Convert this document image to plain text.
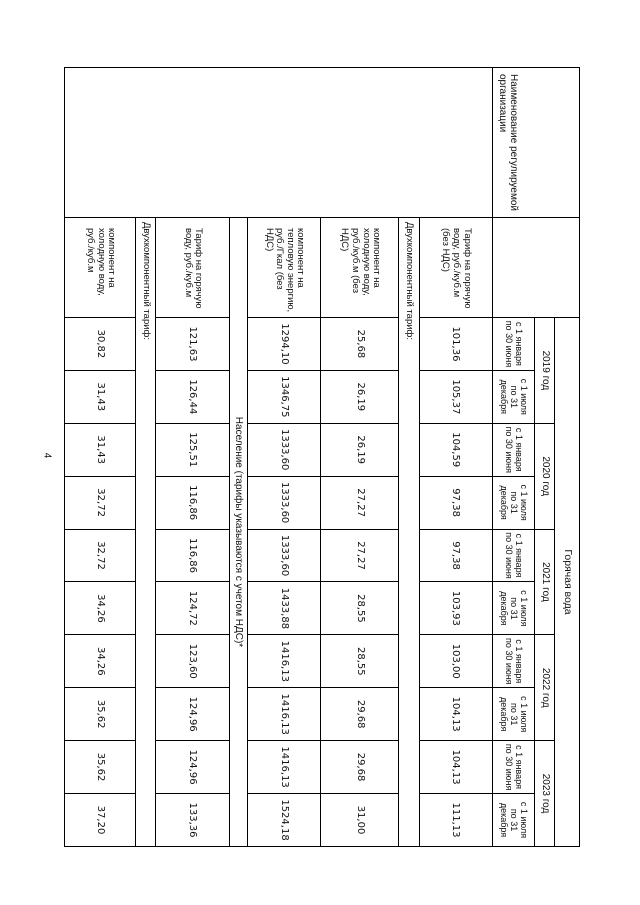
4
Наименование регулируемой организации		Горячая вода									
		2019 год		2020 год		2021 год		2022 год		2023 год	
		с 1 января по 30 июня	с 1 июля по 31 декабря	с 1 января по 30 июня	с 1 июля по 31 декабря	с 1 января по 30 июня	с 1 июля по 31 декабря	с 1 января по 30 июня	с 1 июля по 31 декабря	с 1 января по 30 июня	с 1 июля по 31 декабря
	Тариф на горячую воду, руб./куб.м (без НДС)	101,36	105,37	104,59	97,38	97,38	103,93	103,00	104,13	104,13	111,13
	Двухкомпонентный тариф:										
	компонент на холодную воду, руб./куб.м (без НДС)	25,68	26,19	26,19	27,27	27,27	28,55	28,55	29,68	29,68	31,00
	компонент на тепловую энергию, руб./Гкал (без НДС)	1294,10	1346,75	1333,60	1333,60	1333,60	1433,88	1416,13	1416,13	1416,13	1524,18
	Население (тарифы указываются с учетом НДС)*										
	Тариф на горячую воду, руб./куб.м	121,63	126,44	125,51	116,86	116,86	124,72	123,60	124,96	124,96	133,36
	Двухкомпонентный тариф:										
	компонент на холодную воду, руб./куб.м	30,82	31,43	31,43	32,72	32,72	34,26	34,26	35,62	35,62	37,20
